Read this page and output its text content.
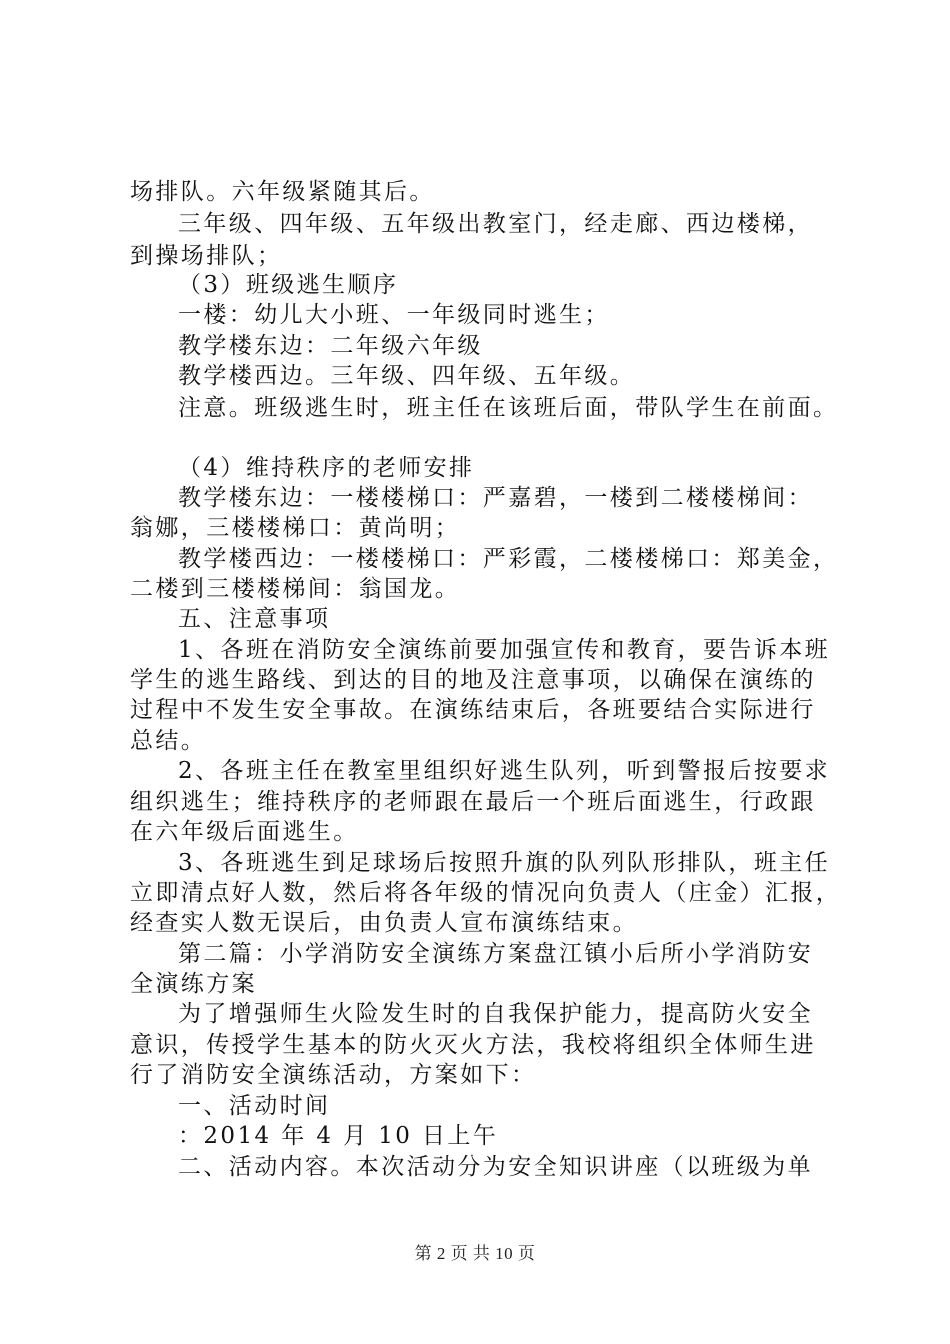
场排队。六年级紧随其后。
三年级、四年级、五年级出教室门，经走廊、西边楼梯，
到操场排队；
（3）班级逃生顺序
一楼：幼儿大小班、一年级同时逃生；
教学楼东边：二年级六年级
教学楼西边。三年级、四年级、五年级。
注意。班级逃生时，班主任在该班后面，带队学生在前面。
（4）维持秩序的老师安排
教学楼东边：一楼楼梯口：严嘉碧，一楼到二楼楼梯间：
翁娜，三楼楼梯口：黄尚明；
教学楼西边：一楼楼梯口：严彩霞，二楼楼梯口：郑美金，
二楼到三楼楼梯间：翁国龙。
五、注意事项
1、各班在消防安全演练前要加强宣传和教育，要告诉本班
学生的逃生路线、到达的目的地及注意事项，以确保在演练的
过程中不发生安全事故。在演练结束后，各班要结合实际进行
总结。
2、各班主任在教室里组织好逃生队列，听到警报后按要求
组织逃生；维持秩序的老师跟在最后一个班后面逃生，行政跟
在六年级后面逃生。
3、各班逃生到足球场后按照升旗的队列队形排队，班主任
立即清点好人数，然后将各年级的情况向负责人（庄金）汇报，
经查实人数无误后，由负责人宣布演练结束。
第二篇：小学消防安全演练方案盘江镇小后所小学消防安
全演练方案
为了增强师生火险发生时的自我保护能力，提高防火安全
意识，传授学生基本的防火灭火方法，我校将组织全体师生进
行了消防安全演练活动，方案如下：
一、活动时间
：2014 年 4 月 10 日上午
二、活动内容。本次活动分为安全知识讲座（以班级为单
第 2 页 共 10 页
